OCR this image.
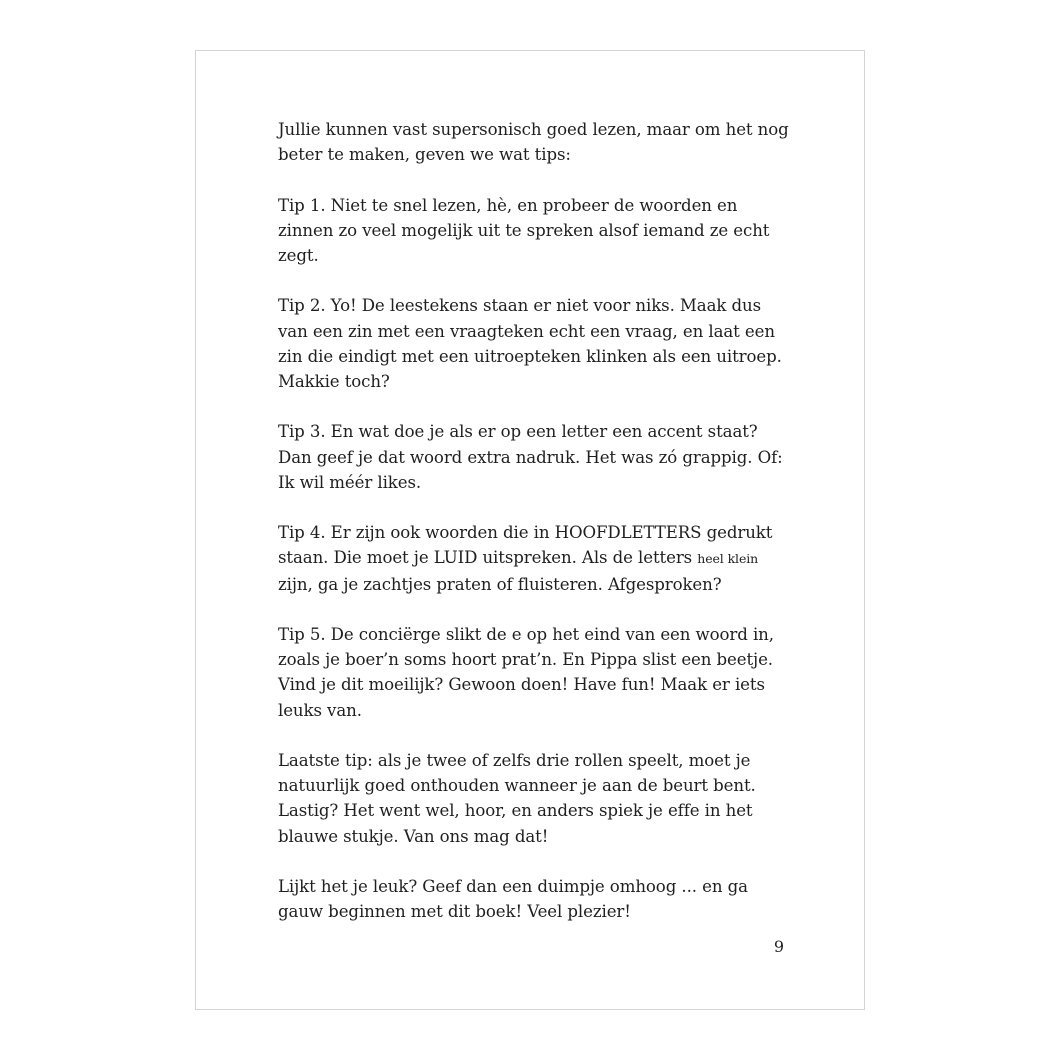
Jullie kunnen vast supersonisch goed lezen, maar om het nog beter te maken, geven we wat tips:

Tip 1. Niet te snel lezen, hè, en probeer de woorden en zinnen zo veel mogelijk uit te spreken alsof iemand ze echt zegt.

Tip 2. Yo! De leestekens staan er niet voor niks. Maak dus van een zin met een vraagteken echt een vraag, en laat een zin die eindigt met een uitroepteken klinken als een uitroep. Makkie toch?

Tip 3. En wat doe je als er op een letter een accent staat? Dan geef je dat woord extra nadruk. Het was zó grappig. Of: Ik wil méér likes.

Tip 4. Er zijn ook woorden die in HOOFDLETTERS gedrukt staan. Die moet je LUID uitspreken. Als de letters heel klein zijn, ga je zachtjes praten of fluisteren. Afgesproken?

Tip 5. De conciërge slikt de e op het eind van een woord in, zoals je boer’n soms hoort prat’n. En Pippa slist een beetje. Vind je dit moeilijk? Gewoon doen! Have fun! Maak er iets leuks van.

Laatste tip: als je twee of zelfs drie rollen speelt, moet je natuurlijk goed onthouden wanneer je aan de beurt bent. Lastig? Het went wel, hoor, en anders spiek je effe in het blauwe stukje. Van ons mag dat!

Lijkt het je leuk? Geef dan een duimpje omhoog ... en ga gauw beginnen met dit boek! Veel plezier!

9
